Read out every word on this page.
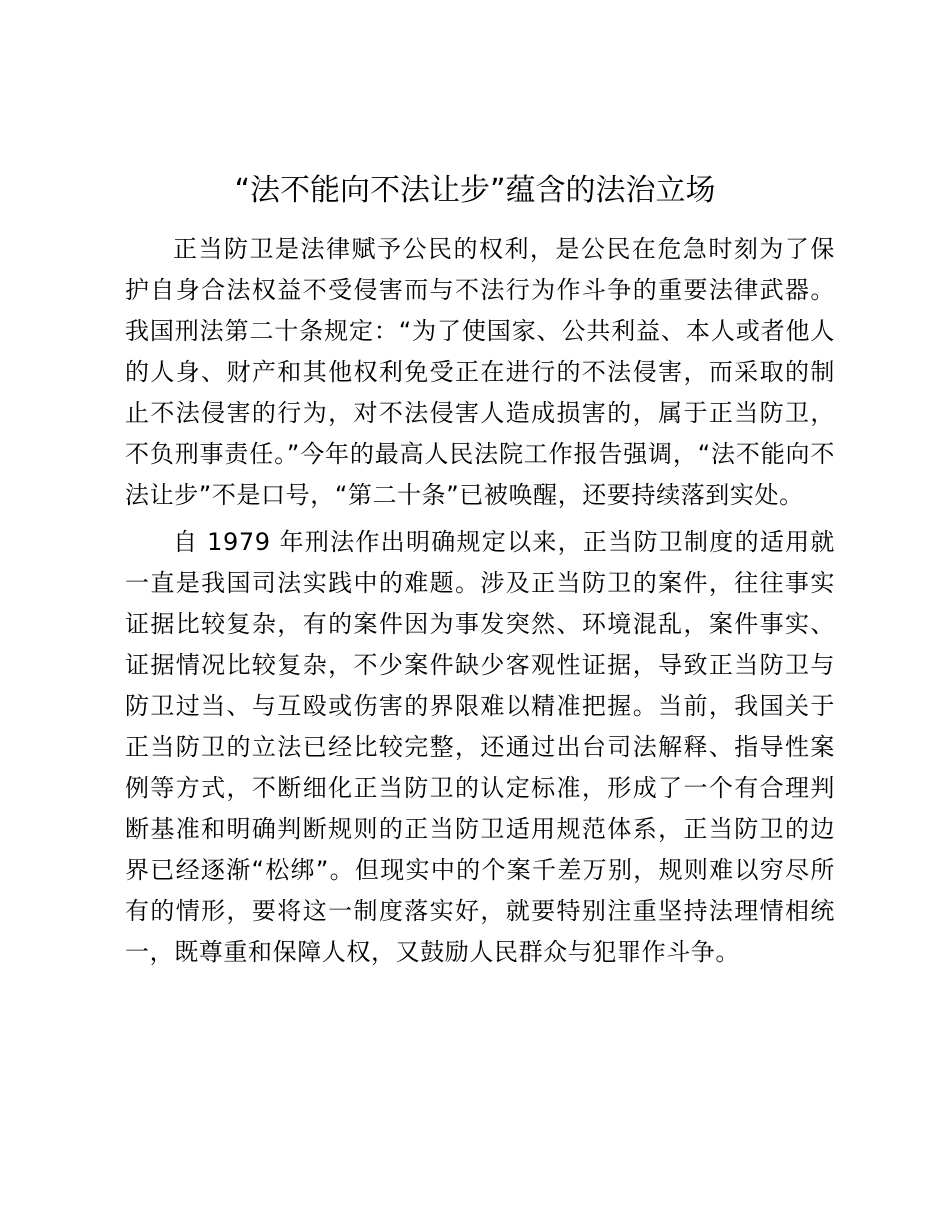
“法不能向不法让步”蕴含的法治立场

正当防卫是法律赋予公民的权利，是公民在危急时刻为了保护自身合法权益不受侵害而与不法行为作斗争的重要法律武器。我国刑法第二十条规定：“为了使国家、公共利益、本人或者他人的人身、财产和其他权利免受正在进行的不法侵害，而采取的制止不法侵害的行为，对不法侵害人造成损害的，属于正当防卫，不负刑事责任。”今年的最高人民法院工作报告强调，“法不能向不法让步”不是口号，“第二十条”已被唤醒，还要持续落到实处。

自 1979 年刑法作出明确规定以来，正当防卫制度的适用就一直是我国司法实践中的难题。涉及正当防卫的案件，往往事实证据比较复杂，有的案件因为事发突然、环境混乱，案件事实、证据情况比较复杂，不少案件缺少客观性证据，导致正当防卫与防卫过当、与互殴或伤害的界限难以精准把握。当前，我国关于正当防卫的立法已经比较完整，还通过出台司法解释、指导性案例等方式，不断细化正当防卫的认定标准，形成了一个有合理判断基准和明确判断规则的正当防卫适用规范体系，正当防卫的边界已经逐渐“松绑”。但现实中的个案千差万别，规则难以穷尽所有的情形，要将这一制度落实好，就要特别注重坚持法理情相统一，既尊重和保障人权，又鼓励人民群众与犯罪作斗争。
